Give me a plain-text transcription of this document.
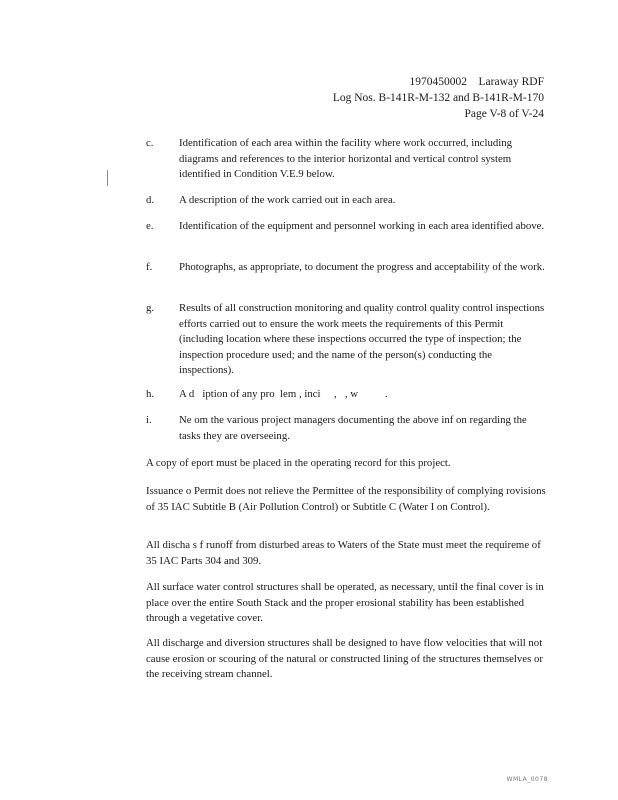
1970450002    Laraway RDF
Log Nos. B-141R-M-132 and B-141R-M-170
Page V-8 of V-24
c. Identification of each area within the facility where work occurred, including diagrams and references to the interior horizontal and vertical control system identified in Condition V.E.9 below.
d. A description of the work carried out in each area.
e. Identification of the equipment and personnel working in each area identified above.
f. Photographs, as appropriate, to document the progress and acceptability of the work.
g. Results of all construction monitoring and quality control quality control inspections efforts carried out to ensure the work meets the requirements of this Permit (including location where these inspections occurred the type of inspection; the inspection procedure used; and the name of the person(s) conducting the inspections).
h. A d   iption of any pro  lem , inci     ,   , w          .
i.	Ne om the various project managers documenting the above inf on regarding the tasks they are overseeing.
A copy of eport must be placed in the operating record for this project.
Issuance o Permit does not relieve the Permittee of the responsibility of complying rovisions of 35 IAC Subtitle B (Air Pollution Control) or Subtitle C (Water I on Control).
All discha s f runoff from disturbed areas to Waters of the State must meet the requireme of 35 IAC Parts 304 and 309.
All surface water control structures shall be operated, as necessary, until the final cover is in place over the entire South Stack and the proper erosional stability has been established through a vegetative cover.
All discharge and diversion structures shall be designed to have flow velocities that will not cause erosion or scouring of the natural or constructed lining of the structures themselves or the receiving stream channel.
WMLA_0078
